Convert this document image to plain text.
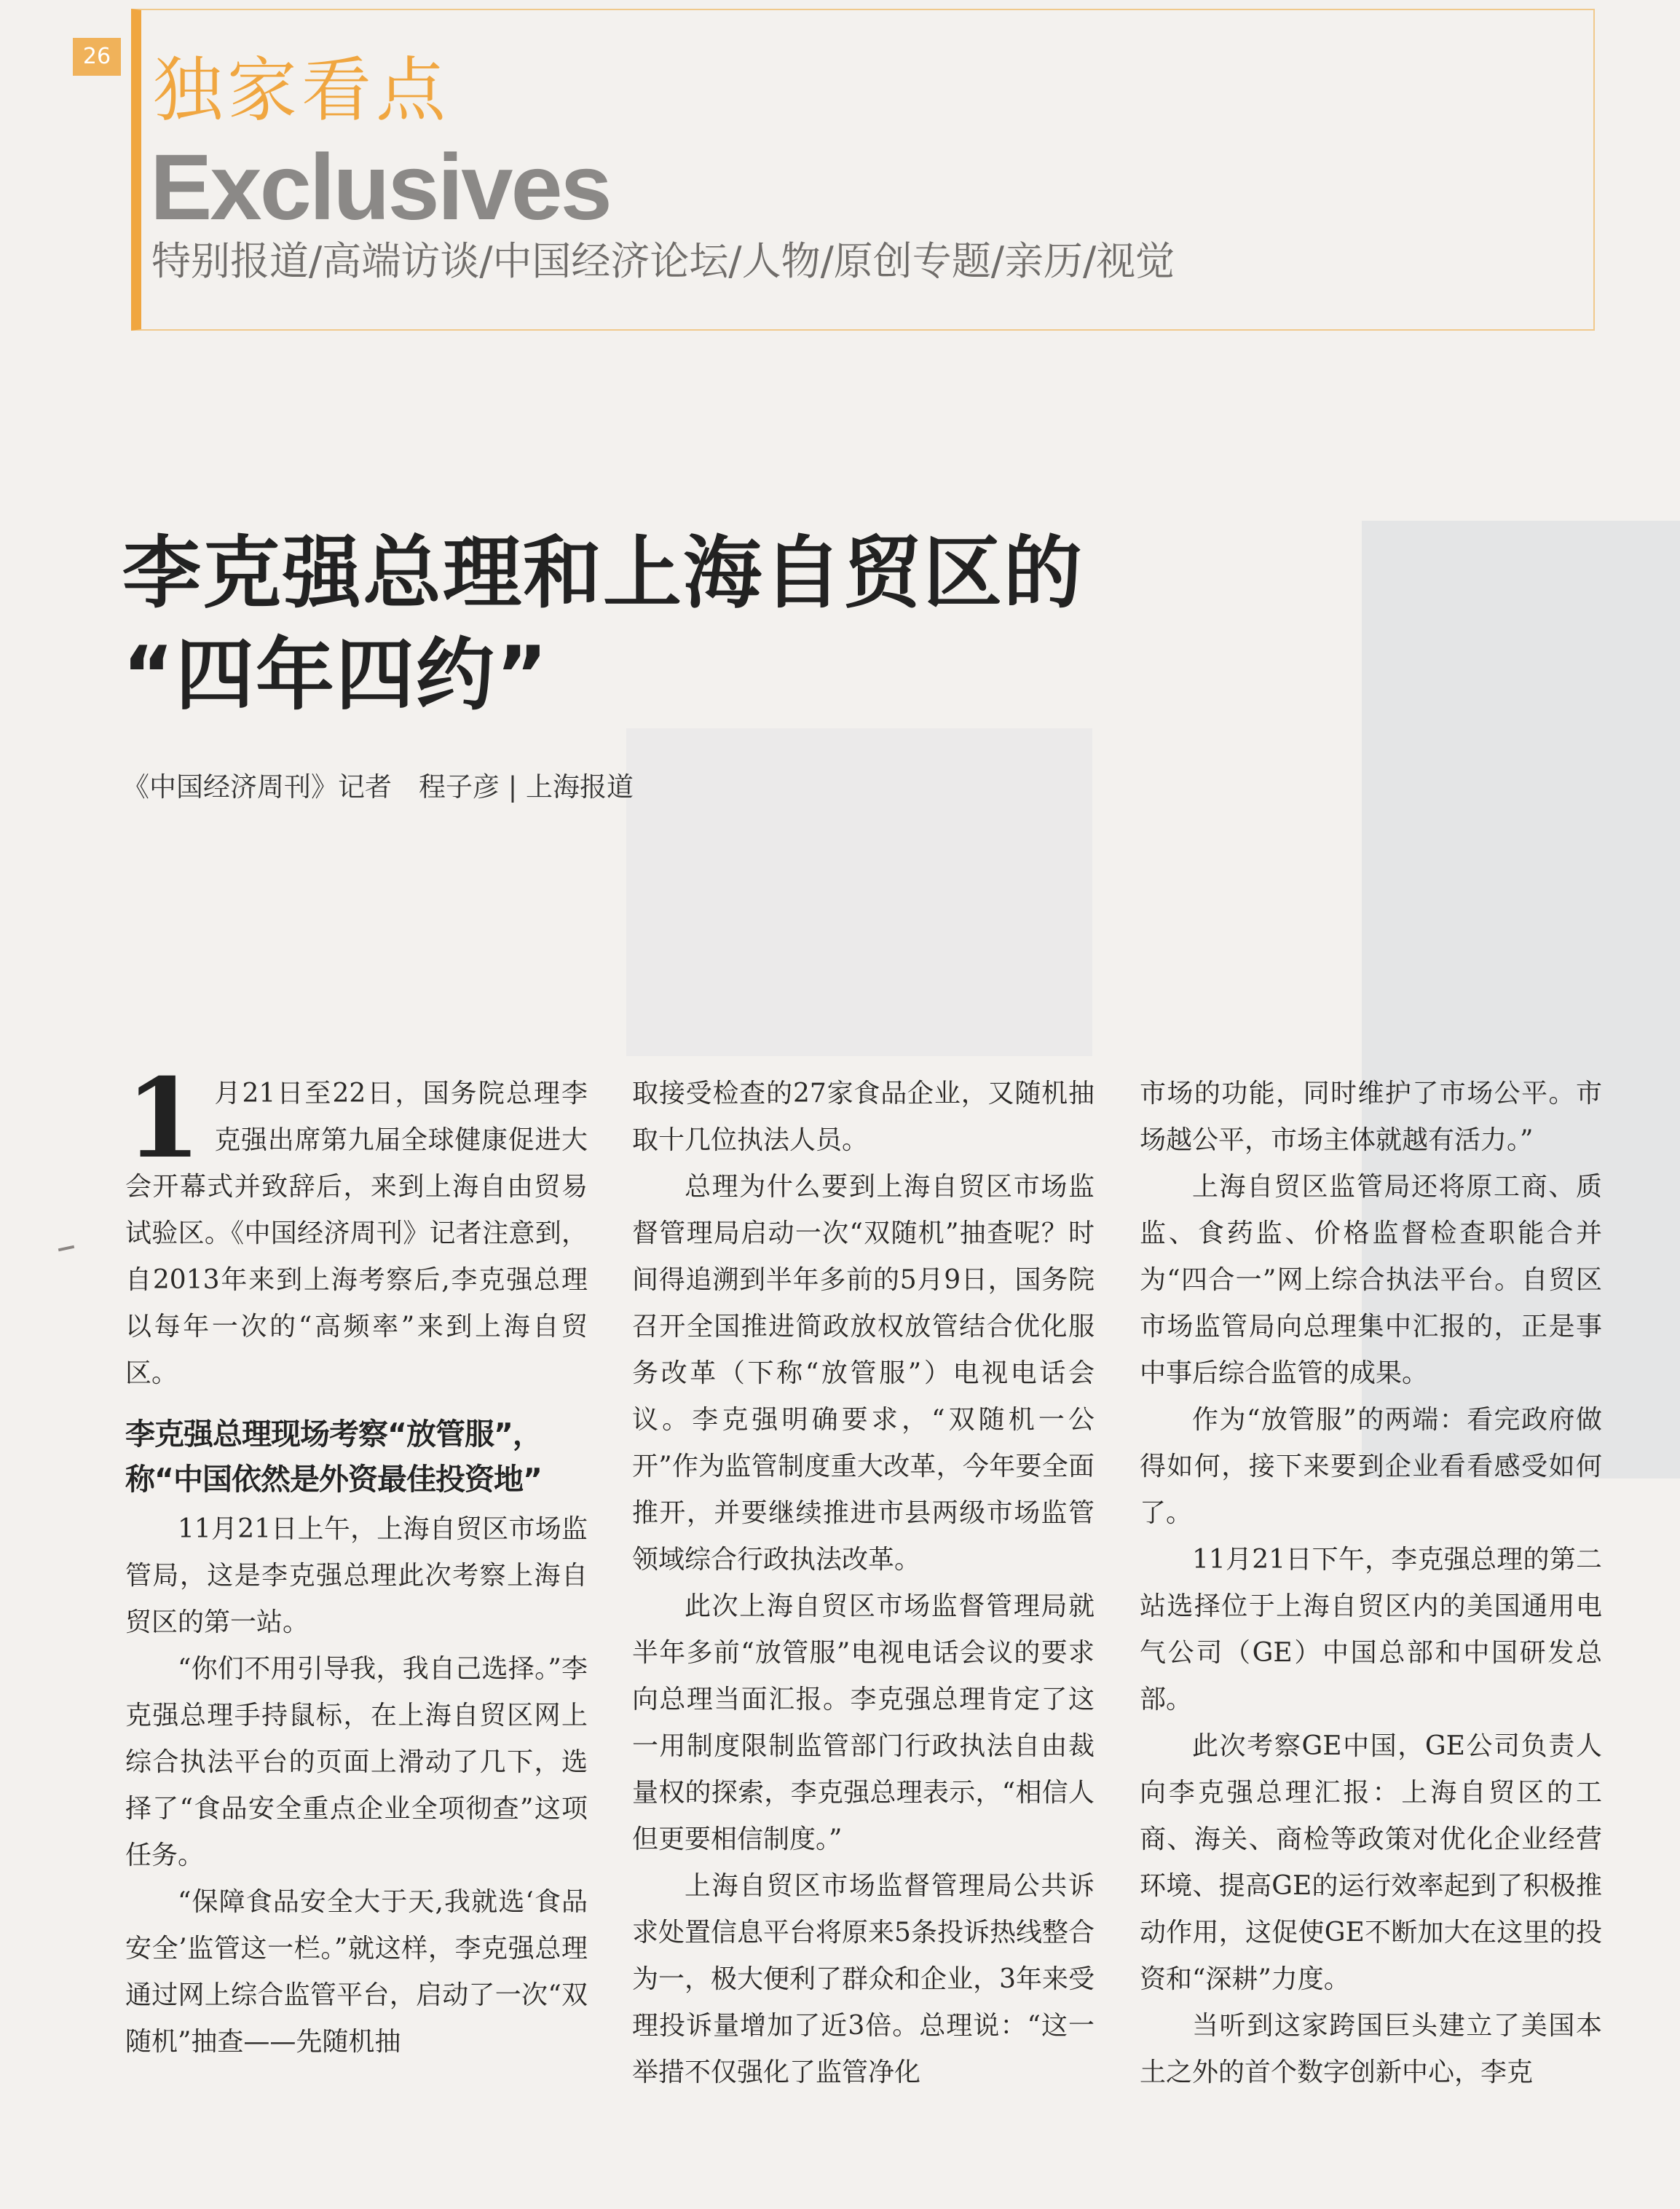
26 独家看点
Exclusives
特别报道/高端访谈/中国经济论坛/人物/原创专题/亲历/视觉
李克强总理和上海自贸区的
“四年四约”
《中国经济周刊》记者　程子彦 | 上海报道
1 月21日至22日，国务院总理李克强出席第九届全球健康促进大会开幕式并致辞后，来到上海自由贸易试验区。《中国经济周刊》记者注意到，自2013年来到上海考察后,李克强总理以每年一次的“高频率”来到上海自贸区。

李克强总理现场考察“放管服”，称“中国依然是外资最佳投资地”

11月21日上午，上海自贸区市场监管局，这是李克强总理此次考察上海自贸区的第一站。

“你们不用引导我，我自己选择。”李克强总理手持鼠标，在上海自贸区网上综合执法平台的页面上滑动了几下，选择了“食品安全重点企业全项彻查”这项任务。

“保障食品安全大于天,我就选‘食品安全’监管这一栏。”就这样，李克强总理通过网上综合监管平台，启动了一次“双随机”抽查——先随机抽

取接受检查的27家食品企业，又随机抽取十几位执法人员。

总理为什么要到上海自贸区市场监督管理局启动一次“双随机”抽查呢？时间得追溯到半年多前的5月9日，国务院召开全国推进简政放权放管结合优化服务改革（下称“放管服”）电视电话会议。李克强明确要求，“双随机一公开”作为监管制度重大改革，今年要全面推开，并要继续推进市县两级市场监管领域综合行政执法改革。

此次上海自贸区市场监督管理局就半年多前“放管服”电视电话会议的要求向总理当面汇报。李克强总理肯定了这一用制度限制监管部门行政执法自由裁量权的探索，李克强总理表示，“相信人但更要相信制度。”

上海自贸区市场监督管理局公共诉求处置信息平台将原来5条投诉热线整合为一，极大便利了群众和企业，3年来受理投诉量增加了近3倍。总理说：“这一举措不仅强化了监管净化

市场的功能，同时维护了市场公平。市场越公平，市场主体就越有活力。”

上海自贸区监管局还将原工商、质监、食药监、价格监督检查职能合并为“四合一”网上综合执法平台。自贸区市场监管局向总理集中汇报的，正是事中事后综合监管的成果。

作为“放管服”的两端：看完政府做得如何，接下来要到企业看看感受如何了。

11月21日下午，李克强总理的第二站选择位于上海自贸区内的美国通用电气公司（GE）中国总部和中国研发总部。

此次考察GE中国，GE公司负责人向李克强总理汇报：上海自贸区的工商、海关、商检等政策对优化企业经营环境、提高GE的运行效率起到了积极推动作用，这促使GE不断加大在这里的投资和“深耕”力度。

当听到这家跨国巨头建立了美国本土之外的首个数字创新中心，李克
